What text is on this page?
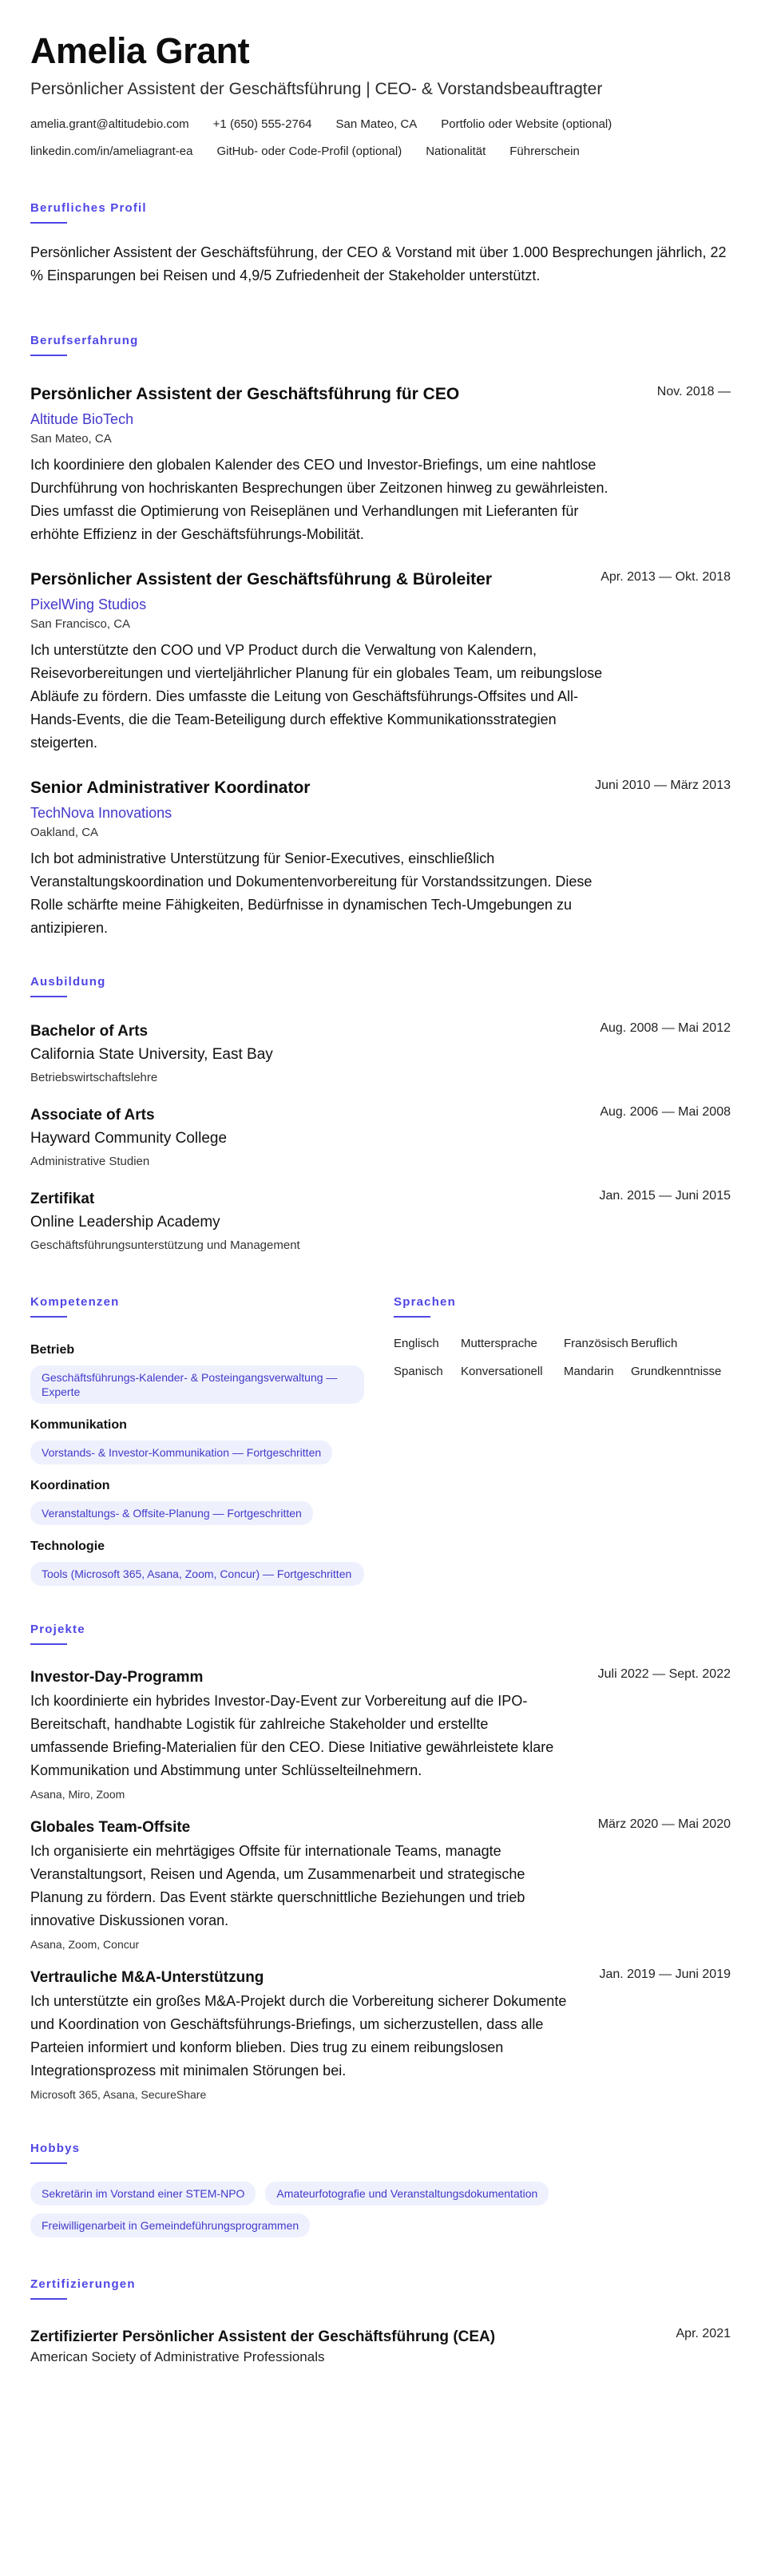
Amelia Grant
Persönlicher Assistent der Geschäftsführung | CEO- & Vorstandsbeauftragter
amelia.grant@altitudebio.com +1 (650) 555-2764 San Mateo, CA Portfolio oder Website (optional)
linkedin.com/in/ameliagrant-ea GitHub- oder Code-Profil (optional) Nationalität Führerschein
Berufliches Profil
Persönlicher Assistent der Geschäftsführung, der CEO & Vorstand mit über 1.000 Besprechungen jährlich, 22 % Einsparungen bei Reisen und 4,9/5 Zufriedenheit der Stakeholder unterstützt.
Berufserfahrung
Persönlicher Assistent der Geschäftsführung für CEO	Nov. 2018 —
Altitude BioTech
San Mateo, CA
Ich koordiniere den globalen Kalender des CEO und Investor-Briefings, um eine nahtlose Durchführung von hochriskanten Besprechungen über Zeitzonen hinweg zu gewährleisten. Dies umfasst die Optimierung von Reiseplänen und Verhandlungen mit Lieferanten für erhöhte Effizienz in der Geschäftsführungs-Mobilität.
Persönlicher Assistent der Geschäftsführung & Büroleiter	Apr. 2013 — Okt. 2018
PixelWing Studios
San Francisco, CA
Ich unterstützte den COO und VP Product durch die Verwaltung von Kalendern, Reisevorbereitungen und vierteljährlicher Planung für ein globales Team, um reibungslose Abläufe zu fördern. Dies umfasste die Leitung von Geschäftsführungs-Offsites und All-Hands-Events, die die Team-Beteiligung durch effektive Kommunikationsstrategien steigerten.
Senior Administrativer Koordinator	Juni 2010 — März 2013
TechNova Innovations
Oakland, CA
Ich bot administrative Unterstützung für Senior-Executives, einschließlich Veranstaltungskoordination und Dokumentenvorbereitung für Vorstandssitzungen. Diese Rolle schärfte meine Fähigkeiten, Bedürfnisse in dynamischen Tech-Umgebungen zu antizipieren.
Ausbildung
Bachelor of Arts	Aug. 2008 — Mai 2012
California State University, East Bay
Betriebswirtschaftslehre
Associate of Arts	Aug. 2006 — Mai 2008
Hayward Community College
Administrative Studien
Zertifikat	Jan. 2015 — Juni 2015
Online Leadership Academy
Geschäftsführungsunterstützung und Management
Kompetenzen
Betrieb
Geschäftsführungs-Kalender- & Posteingangsverwaltung — Experte
Kommunikation
Vorstands- & Investor-Kommunikation — Fortgeschritten
Koordination
Veranstaltungs- & Offsite-Planung — Fortgeschritten
Technologie
Tools (Microsoft 365, Asana, Zoom, Concur) — Fortgeschritten
Sprachen
Englisch	Muttersprache	Französisch Beruflich
Spanisch	Konversationell	Mandarin	Grundkenntnisse
Projekte
Investor-Day-Programm	Juli 2022 — Sept. 2022
Ich koordinierte ein hybrides Investor-Day-Event zur Vorbereitung auf die IPO-Bereitschaft, handhabte Logistik für zahlreiche Stakeholder und erstellte umfassende Briefing-Materialien für den CEO. Diese Initiative gewährleistete klare Kommunikation und Abstimmung unter Schlüsselteilnehmern.
Asana, Miro, Zoom
Globales Team-Offsite	März 2020 — Mai 2020
Ich organisierte ein mehrtägiges Offsite für internationale Teams, managte Veranstaltungsort, Reisen und Agenda, um Zusammenarbeit und strategische Planung zu fördern. Das Event stärkte querschnittliche Beziehungen und trieb innovative Diskussionen voran.
Asana, Zoom, Concur
Vertrauliche M&A-Unterstützung	Jan. 2019 — Juni 2019
Ich unterstützte ein großes M&A-Projekt durch die Vorbereitung sicherer Dokumente und Koordination von Geschäftsführungs-Briefings, um sicherzustellen, dass alle Parteien informiert und konform blieben. Dies trug zu einem reibungslosen Integrationsprozess mit minimalen Störungen bei.
Microsoft 365, Asana, SecureShare
Hobbys
Sekretärin im Vorstand einer STEM-NPO	Amateurfotografie und Veranstaltungsdokumentation
Freiwilligenarbeit in Gemeindeführungsprogrammen
Zertifizierungen
Zertifizierter Persönlicher Assistent der Geschäftsführung (CEA)	Apr. 2021
American Society of Administrative Professionals
